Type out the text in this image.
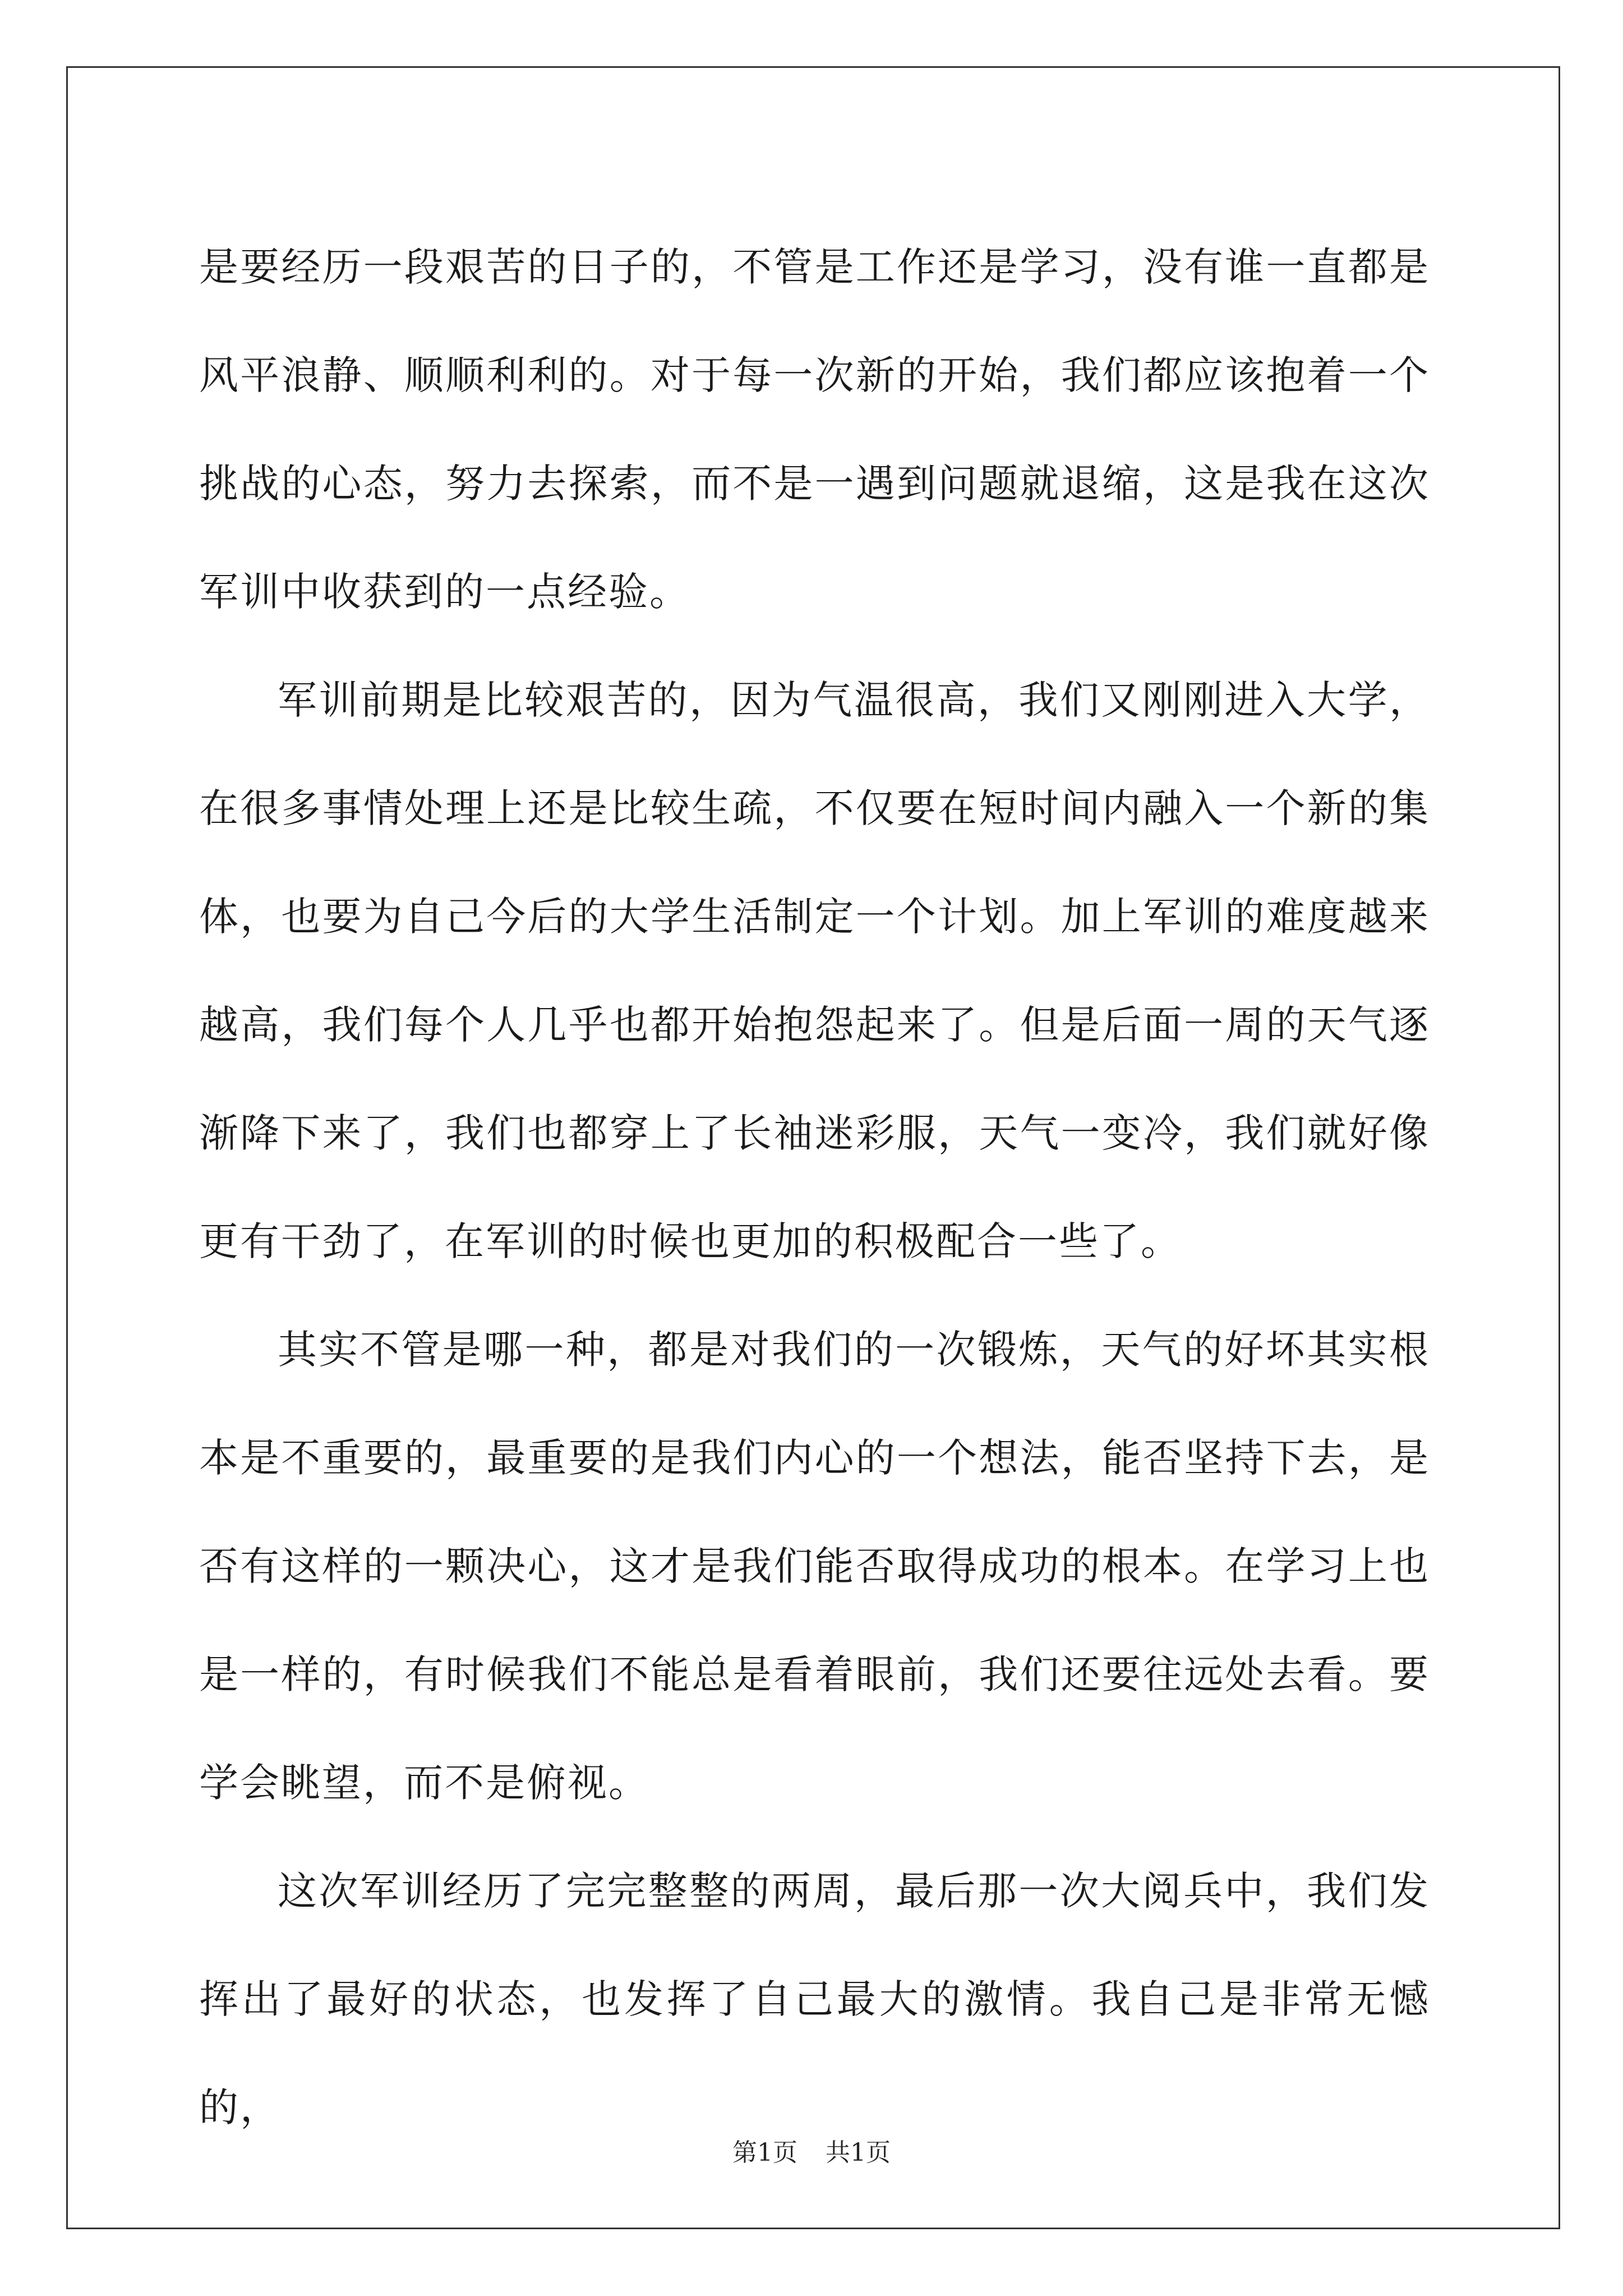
是要经历一段艰苦的日子的，不管是工作还是学习，没有谁一直都是风平浪静、顺顺利利的。对于每一次新的开始，我们都应该抱着一个挑战的心态，努力去探索，而不是一遇到问题就退缩，这是我在这次军训中收获到的一点经验。

军训前期是比较艰苦的，因为气温很高，我们又刚刚进入大学，在很多事情处理上还是比较生疏，不仅要在短时间内融入一个新的集体，也要为自己今后的大学生活制定一个计划。加上军训的难度越来越高，我们每个人几乎也都开始抱怨起来了。但是后面一周的天气逐渐降下来了，我们也都穿上了长袖迷彩服，天气一变冷，我们就好像更有干劲了，在军训的时候也更加的积极配合一些了。

其实不管是哪一种，都是对我们的一次锻炼，天气的好坏其实根本是不重要的，最重要的是我们内心的一个想法，能否坚持下去，是否有这样的一颗决心，这才是我们能否取得成功的根本。在学习上也是一样的，有时候我们不能总是看着眼前，我们还要往远处去看。要学会眺望，而不是俯视。

这次军训经历了完完整整的两周，最后那一次大阅兵中，我们发挥出了最好的状态，也发挥了自己最大的激情。我自己是非常无憾的，

第1页 共1页
